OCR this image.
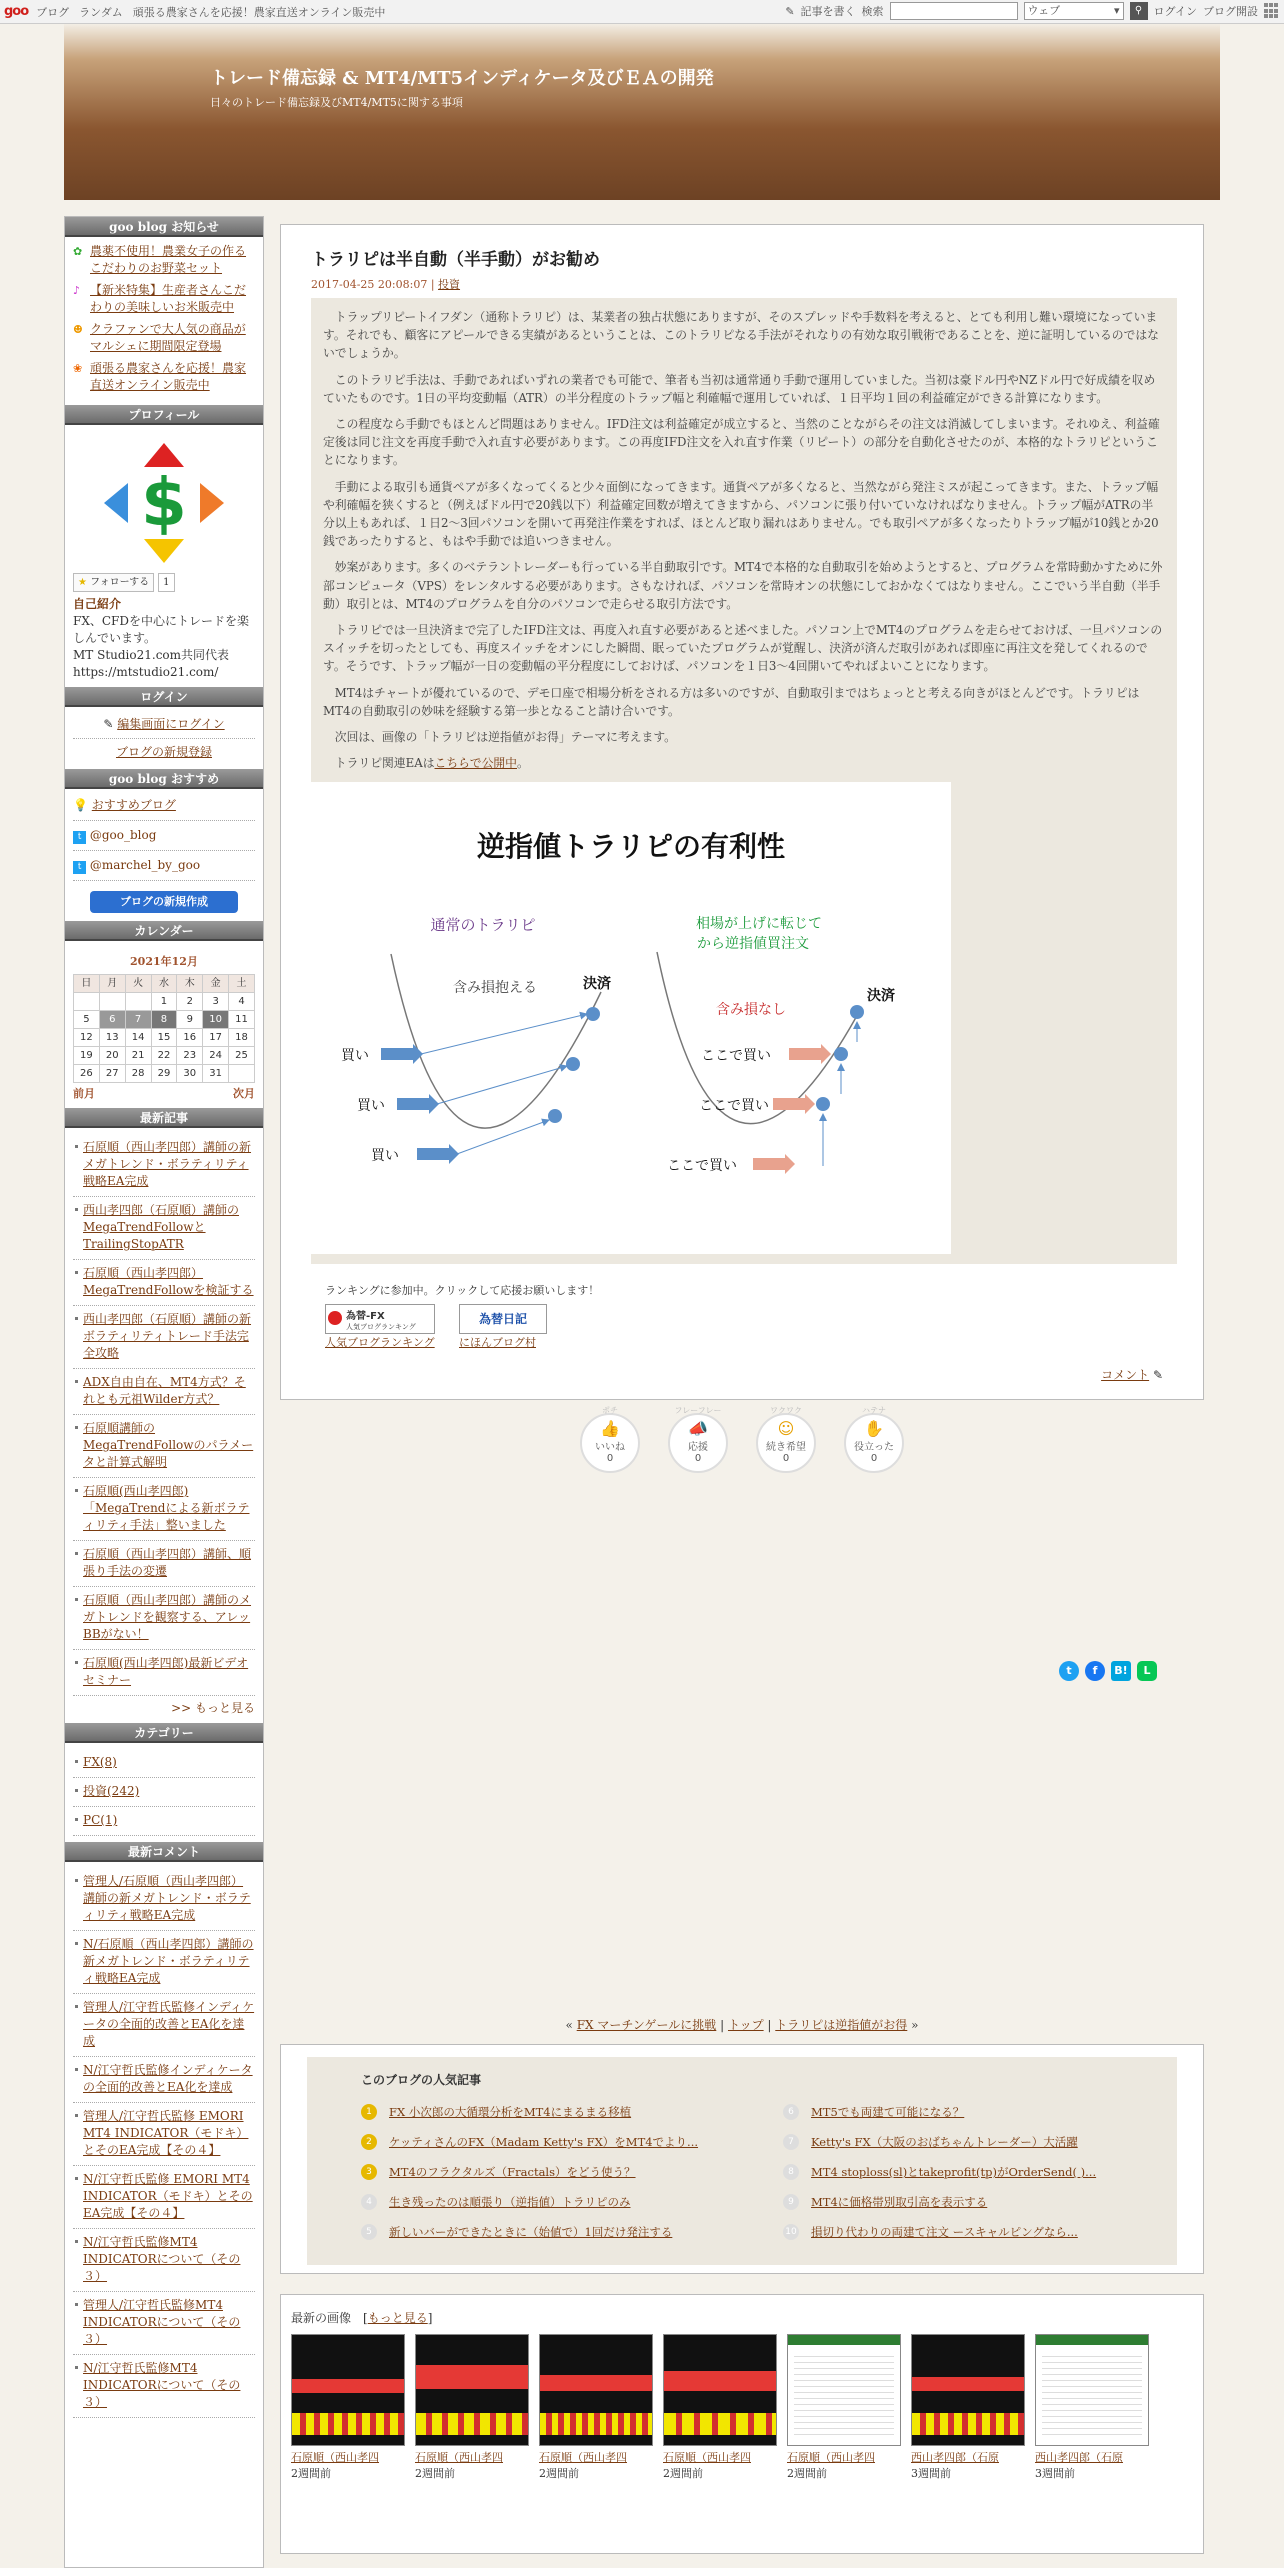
goo ブログ ランダム 頑張る農家さんを応援！農家直送オンライン販売中	✎ 記事を書く 検索	ウェブ	▾	⚲	ログイン ブログ開設
トレード備忘録 & MT4/MT5インディケータ及びＥＡの開発
日々のトレード備忘録及びMT4/MT5に関する事項
goo blog お知らせ
✿ 農薬不使用！農業女子の作るこだわりのお野菜セット
♪ 【新米特集】生産者さんこだわりの美味しいお米販売中
☻ クラファンで大人気の商品がマルシェに期間限定登場
❀ 頑張る農家さんを応援！農家直送オンライン販売中
プロフィール
$
★ フォローする	1
自己紹介
FX、CFDを中心にトレードを楽しんでいます。
MT Studio21.com共同代表
https://mtstudio21.com/
ログイン
✎ 編集画面にログイン
ブログの新規登録
goo blog おすすめ
💡 おすすめブログ
t @goo_blog
t @marchel_by_goo
ブログの新規作成
カレンダー
2021年12月
日	月	火	水	木	金	土
			1	2	3	4
5	6	7	8	9	10	11
12	13	14	15	16	17	18
19	20	21	22	23	24	25
26	27	28	29	30	31	
前月	次月
最新記事
石原順（西山孝四郎）講師の新メガトレンド・ボラティリティ戦略EA完成
西山孝四郎（石原順）講師のMegaTrendFollowとTrailingStopATR
石原順（西山孝四郎）MegaTrendFollowを検証する
西山孝四郎（石原順）講師の新ボラティリティトレード手法完全攻略
ADX自由自在、MT4方式？それとも元祖Wilder方式？
石原順講師のMegaTrendFollowのパラメータと計算式解明
石原順(西山孝四郎)「MegaTrendによる新ボラティリティ手法」整いました
石原順（西山孝四郎）講師、順張り手法の変遷
石原順（西山孝四郎）講師のメガトレンドを観察する、アレッBBがない！
石原順(西山孝四郎)最新ビデオセミナー
>> もっと見る
カテゴリー
FX(8)
投資(242)
PC(1)
最新コメント
管理人/石原順（西山孝四郎）講師の新メガトレンド・ボラティリティ戦略EA完成
N/石原順（西山孝四郎）講師の新メガトレンド・ボラティリティ戦略EA完成
管理人/江守哲氏監修インディケータの全面的改善とEA化を達成
N/江守哲氏監修インディケータの全面的改善とEA化を達成
管理人/江守哲氏監修 EMORI MT4 INDICATOR（モドキ）とそのEA完成【その４】
N/江守哲氏監修 EMORI MT4 INDICATOR（モドキ）とそのEA完成【その４】
N/江守哲氏監修MT4 INDICATORについて（その３）
管理人/江守哲氏監修MT4 INDICATORについて（その３）
N/江守哲氏監修MT4 INDICATORについて（その３）
トラリピは半自動（半手動）がお勧め
2017-04-25 20:08:07 | 投資

トラップリピートイフダン（通称トラリピ）は、某業者の独占状態にありますが、そのスプレッドや手数料を考えると、とても利用し難い環境になっています。それでも、顧客にアピールできる実績があるということは、このトラリピなる手法がそれなりの有効な取引戦術であることを、逆に証明しているのではないでしょうか。

このトラリピ手法は、手動であればいずれの業者でも可能で、筆者も当初は通常通り手動で運用していました。当初は豪ドル円やNZドル円で好成績を収めていたものです。1日の平均変動幅（ATR）の半分程度のトラップ幅と利確幅で運用していれば、１日平均１回の利益確定ができる計算になります。

この程度なら手動でもほとんど問題はありません。IFD注文は利益確定が成立すると、当然のことながらその注文は消滅してしまいます。それゆえ、利益確定後は同じ注文を再度手動で入れ直す必要があります。この再度IFD注文を入れ直す作業（リピート）の部分を自動化させたのが、本格的なトラリピということになります。

手動による取引も通貨ペアが多くなってくると少々面倒になってきます。通貨ペアが多くなると、当然ながら発注ミスが起こってきます。また、トラップ幅や利確幅を狭くすると（例えばドル円で20銭以下）利益確定回数が増えてきますから、パソコンに張り付いていなければなりません。トラップ幅がATRの半分以上もあれば、１日2～3回パソコンを開いて再発注作業をすれば、ほとんど取り漏れはありません。でも取引ペアが多くなったりトラップ幅が10銭とか20銭であったりすると、もはや手動では追いつきません。

妙案があります。多くのベテラントレーダーも行っている半自動取引です。MT4で本格的な自動取引を始めようとすると、プログラムを常時動かすために外部コンピュータ（VPS）をレンタルする必要があります。さもなければ、パソコンを常時オンの状態にしておかなくてはなりません。ここでいう半自動（半手動）取引とは、MT4のプログラムを自分のパソコンで走らせる取引方法です。

トラリピでは一旦決済まで完了したIFD注文は、再度入れ直す必要があると述べました。パソコン上でMT4のプログラムを走らせておけば、一旦パソコンのスイッチを切ったとしても、再度スイッチをオンにした瞬間、眠っていたプログラムが覚醒し、決済が済んだ取引があれば即座に再注文を発してくれるのです。そうです、トラップ幅が一日の変動幅の平分程度にしておけば、パソコンを１日3～4回開いてやればよいことになります。

MT4はチャートが優れているので、デモ口座で相場分析をされる方は多いのですが、自動取引まではちょっとと考える向きがほとんどです。トラリピはMT4の自動取引の妙味を経験する第一歩となること請け合いです。

次回は、画像の「トラリピは逆指値がお得」テーマに考えます。

トラリピ関連EAはこちらで公開中。

逆指値トラリピの有利性
通常のトラリピ	相場が上げに転じて
から逆指値買注文
含み損抱える
含み損なし
決済
決済
買い
買い
買い
ここで買い
ここで買い
ここで買い
ランキングに参加中。クリックして応援お願いします！
為替-FX
人気ブログランキング
人気ブログランキング
為替日記
にほんブログ村
コメント ✎
ポチ
👍
いいね
0
フレーフレー
📣
応援
0
ワクワク
☺
続き希望
0
ハテナ
✋
役立った
0
t	f	B!	L
« FX マーチンゲールに挑戦 | トップ | トラリピは逆指値がお得 »
このブログの人気記事
1	FX 小次郎の大循環分析をMT4にまるまる移植
2	ケッティさんのFX（Madam Ketty's FX）をMT4でより...
3	MT4のフラクタルズ（Fractals）をどう使う？
4	生き残ったのは順張り（逆指値）トラリピのみ
5	新しいバーができたときに（始値で）1回だけ発注する
6	MT5でも両建て可能になる？
7	Ketty's FX（大阪のおばちゃんトレーダー）大活躍
8	MT4 stoploss(sl)とtakeprofit(tp)がOrderSend( )...
9	MT4に価格帯別取引高を表示する
10 損切り代わりの両建て注文 ースキャルピングなら...
最新の画像　[もっと見る]
石原順（西山孝四
2週間前
石原順（西山孝四
2週間前
石原順（西山孝四
2週間前
石原順（西山孝四
2週間前
石原順（西山孝四
2週間前
西山孝四郎（石原
3週間前
西山孝四郎（石原
3週間前
